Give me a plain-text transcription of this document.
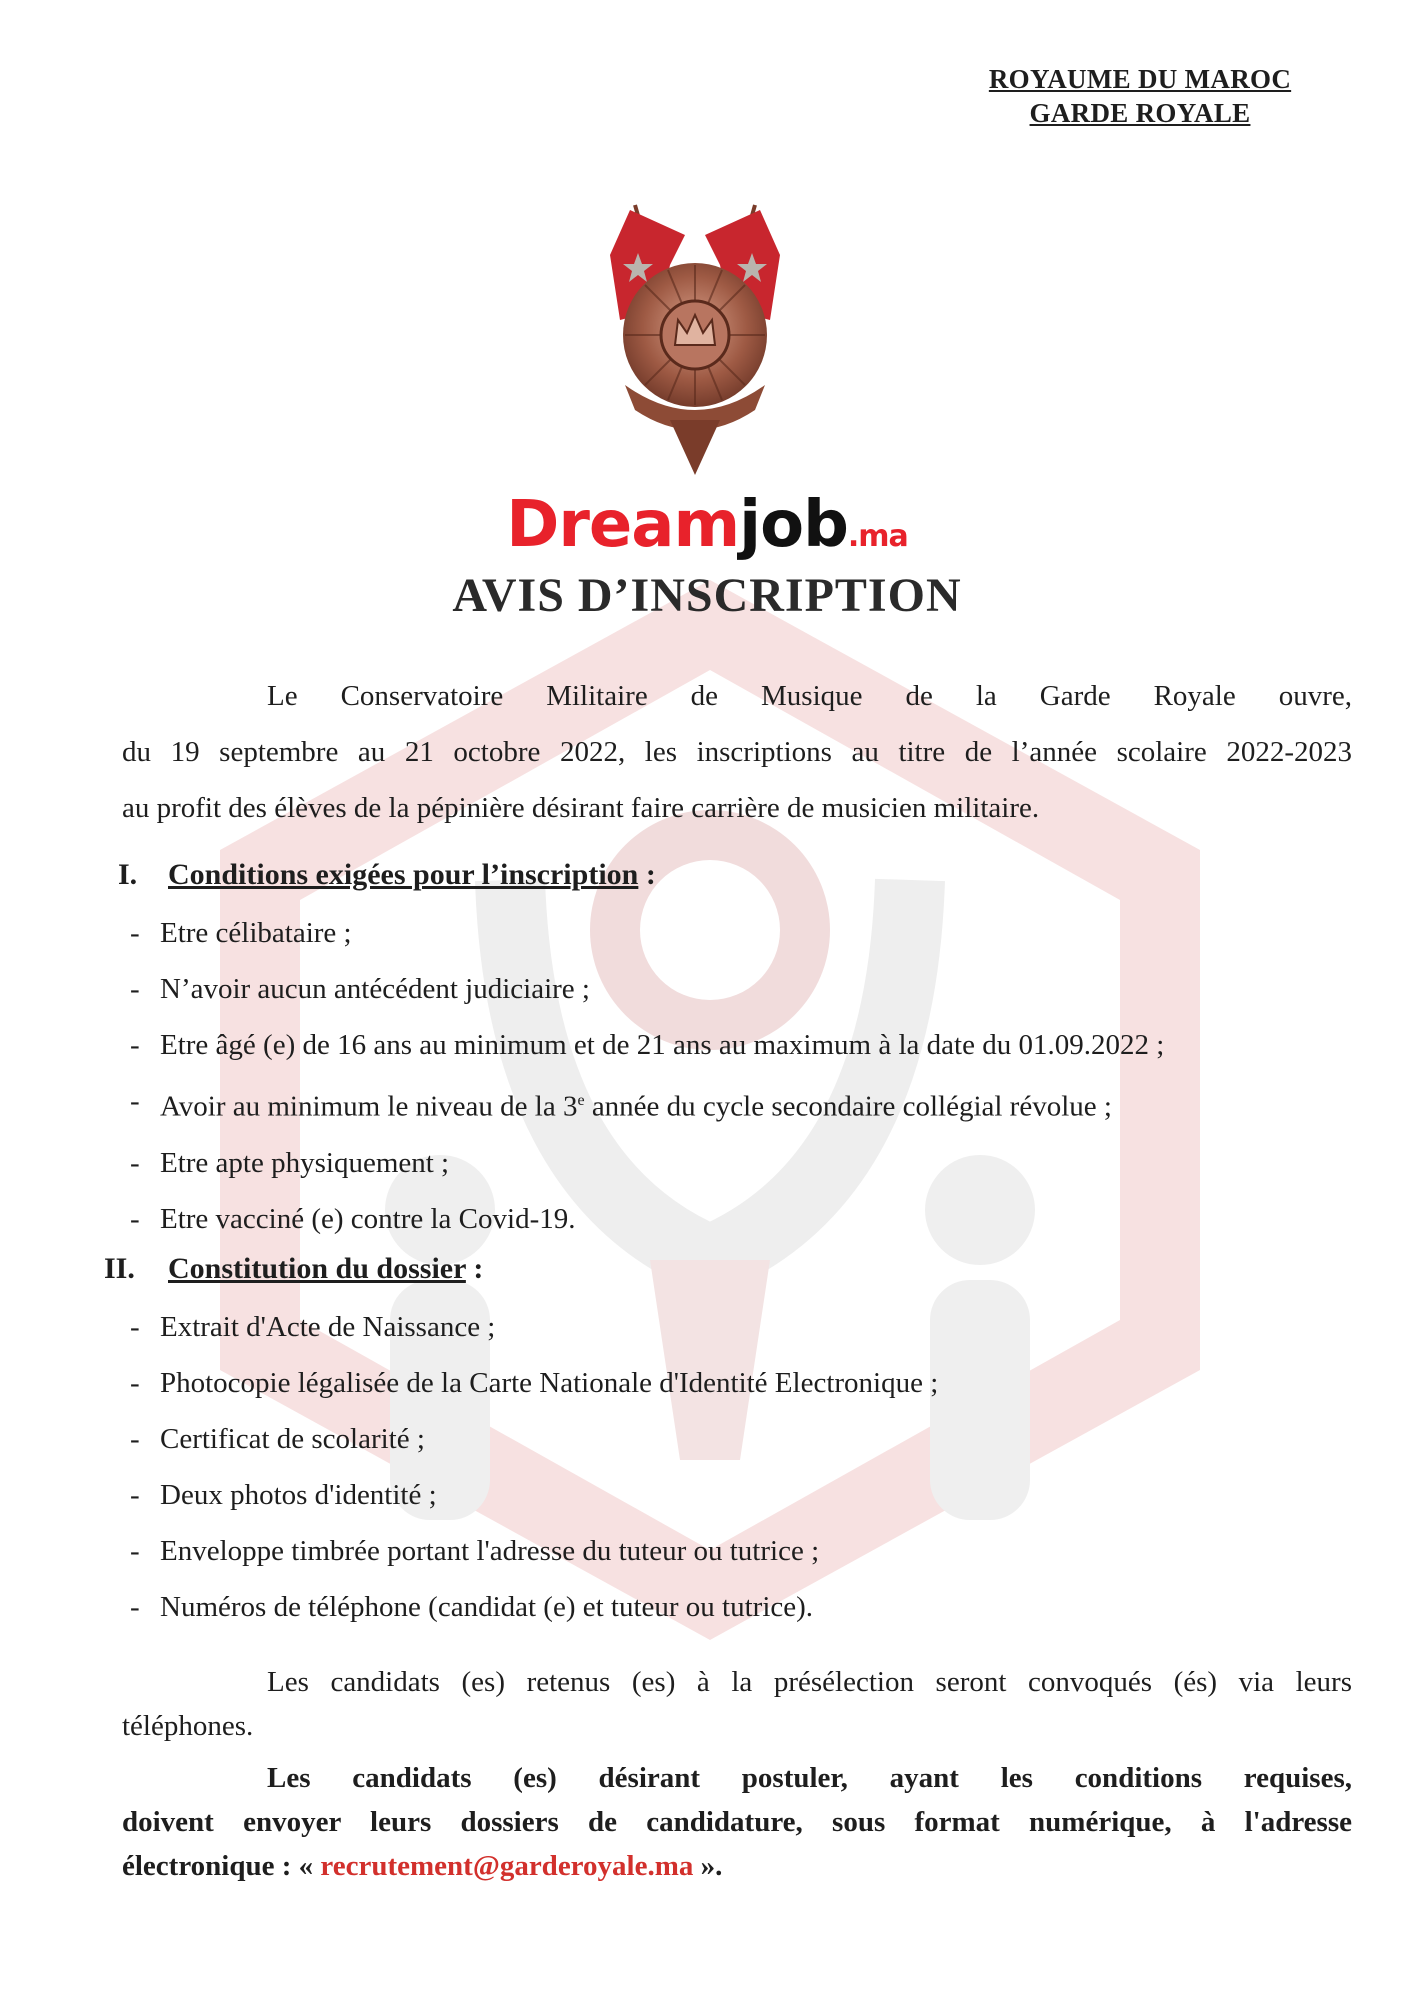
ROYAUME DU MAROC
GARDE ROYALE
Dreamjob.ma
AVIS D’INSCRIPTION
Le Conservatoire Militaire de Musique de la Garde Royale ouvre,
du 19 septembre au 21 octobre 2022, les inscriptions au titre de l’année scolaire 2022-2023
au profit des élèves de la pépinière désirant faire carrière de musicien militaire.
I. Conditions exigées pour l’inscription :
- Etre célibataire ;
- N’avoir aucun antécédent judiciaire ;
- Etre âgé (e) de 16 ans au minimum et de 21 ans au maximum à la date du 01.09.2022 ;
- Avoir au minimum le niveau de la 3e année du cycle secondaire collégial révolue ;
- Etre apte physiquement ;
- Etre vacciné (e) contre la Covid-19.
II. Constitution du dossier :
- Extrait d'Acte de Naissance ;
- Photocopie légalisée de la Carte Nationale d'Identité Electronique ;
- Certificat de scolarité ;
- Deux photos d'identité ;
- Enveloppe timbrée portant l'adresse du tuteur ou tutrice ;
- Numéros de téléphone (candidat (e) et tuteur ou tutrice).
Les candidats (es) retenus (es) à la présélection seront convoqués (és) via leurs
téléphones.
Les candidats (es) désirant postuler, ayant les conditions requises,
doivent envoyer leurs dossiers de candidature, sous format numérique, à l'adresse
électronique : « recrutement@garderoyale.ma ».
